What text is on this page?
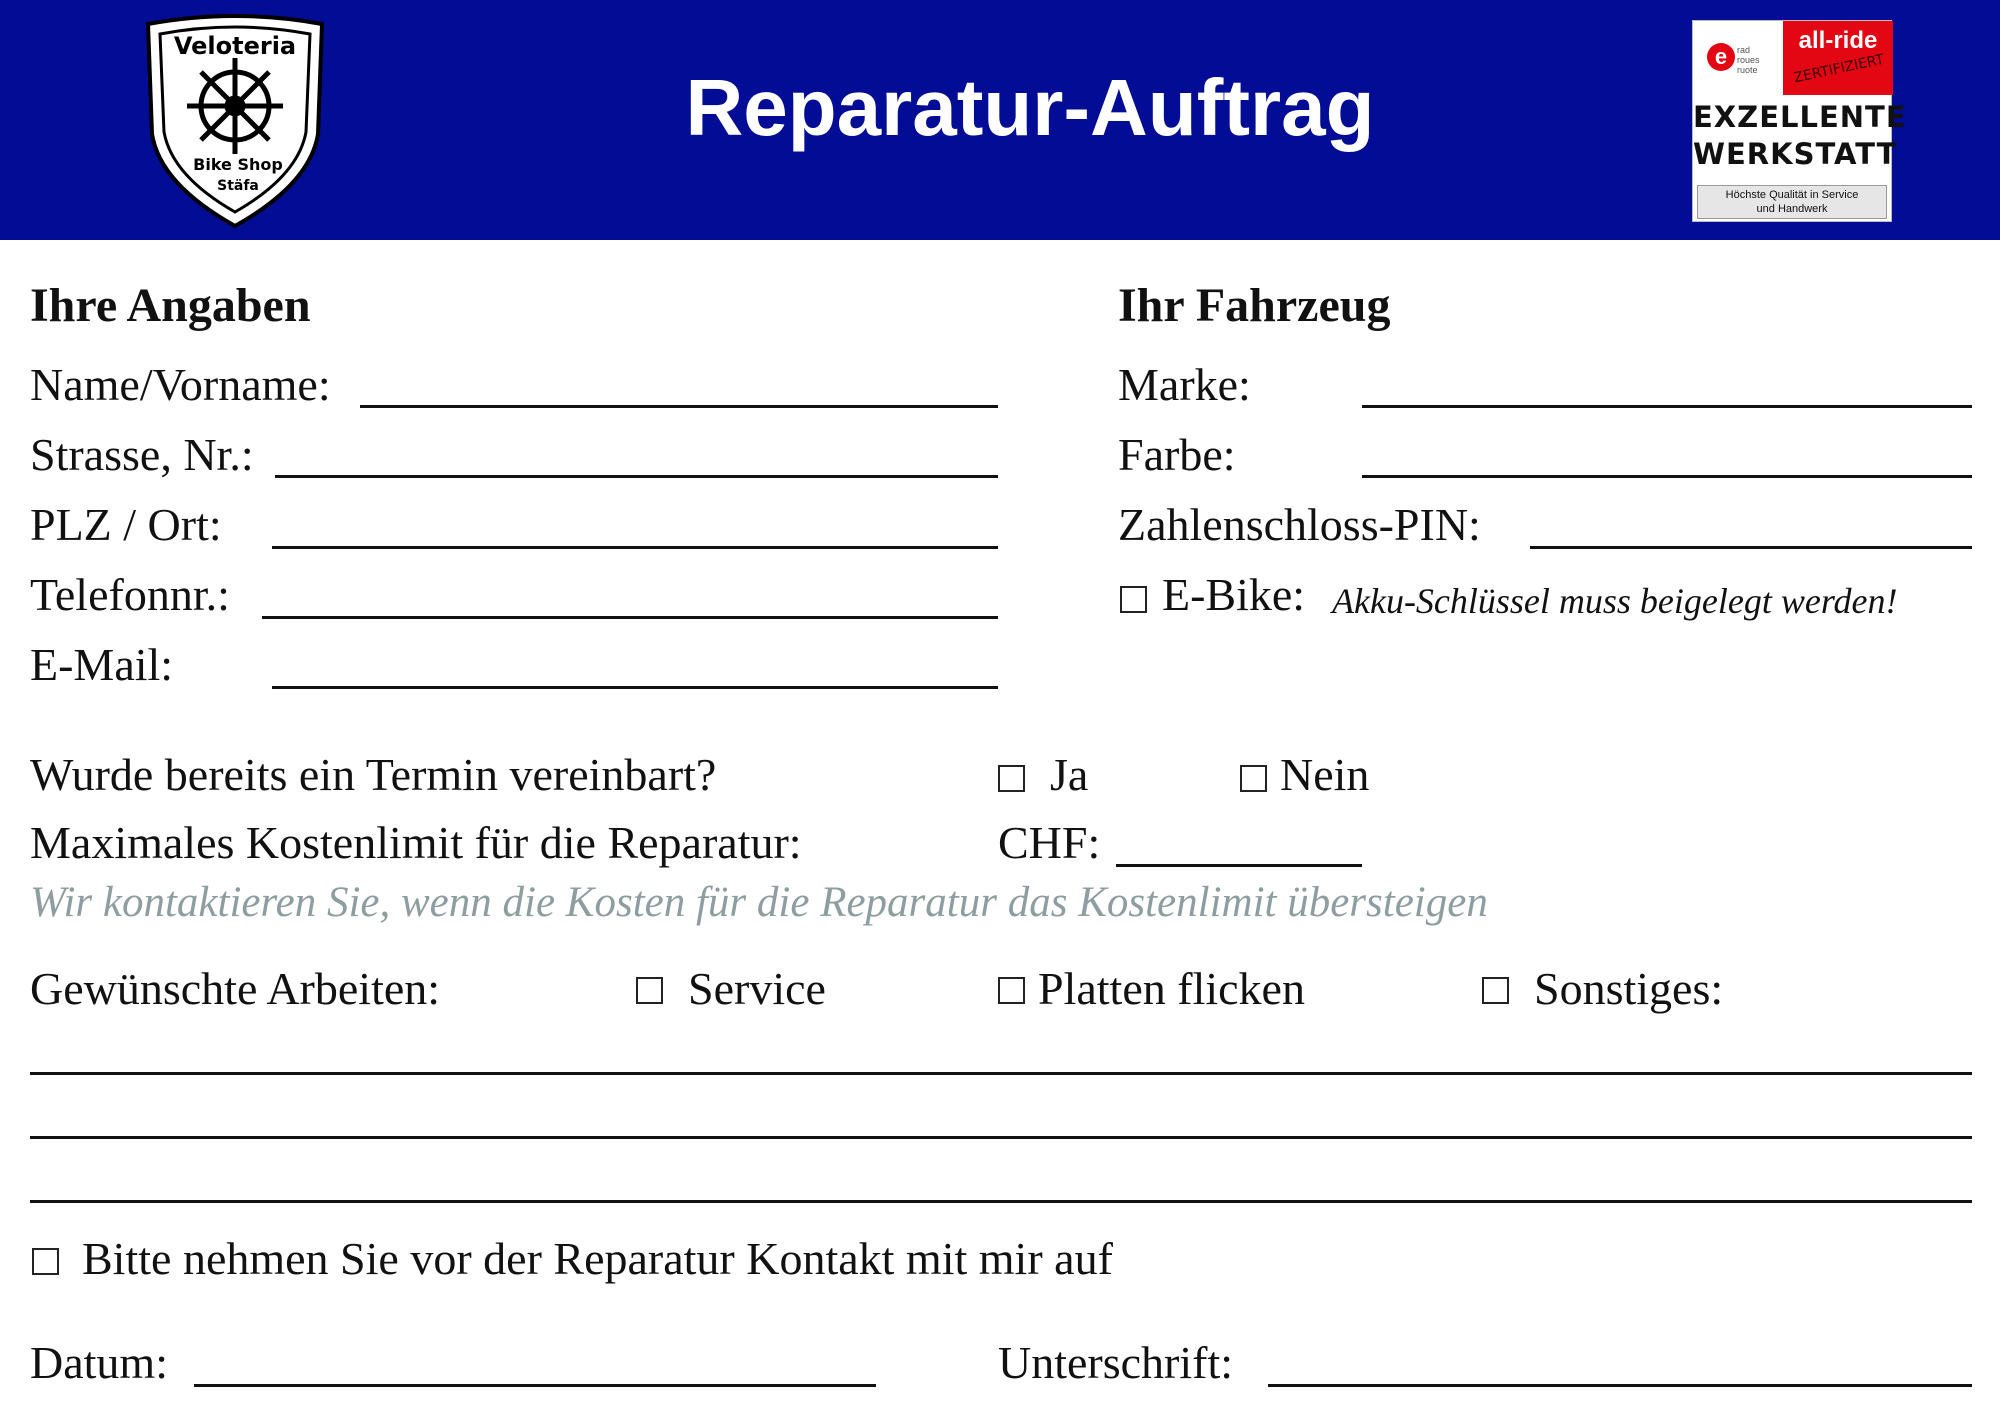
Veloteria
Bike Shop
Stäfa
Reparatur-Auftrag
e	rad
roues
ruote
all-ride
ZERTIFIZIERT
EXZELLENTE
WERKSTATT
Höchste Qualität in Service
und Handwerk
Ihre Angaben
Name/Vorname:
Strasse, Nr.:
PLZ / Ort:
Telefonnr.:
E-Mail:
Ihr Fahrzeug
Marke:
Farbe:
Zahlenschloss-PIN:
E-Bike: Akku-Schlüssel muss beigelegt werden!
Wurde bereits ein Termin vereinbart?	Ja	Nein
Maximales Kostenlimit für die Reparatur:	CHF:
Wir kontaktieren Sie, wenn die Kosten für die Reparatur das Kostenlimit übersteigen
Gewünschte Arbeiten:	Service	Platten flicken	Sonstiges:
Bitte nehmen Sie vor der Reparatur Kontakt mit mir auf
Datum:	Unterschrift:
